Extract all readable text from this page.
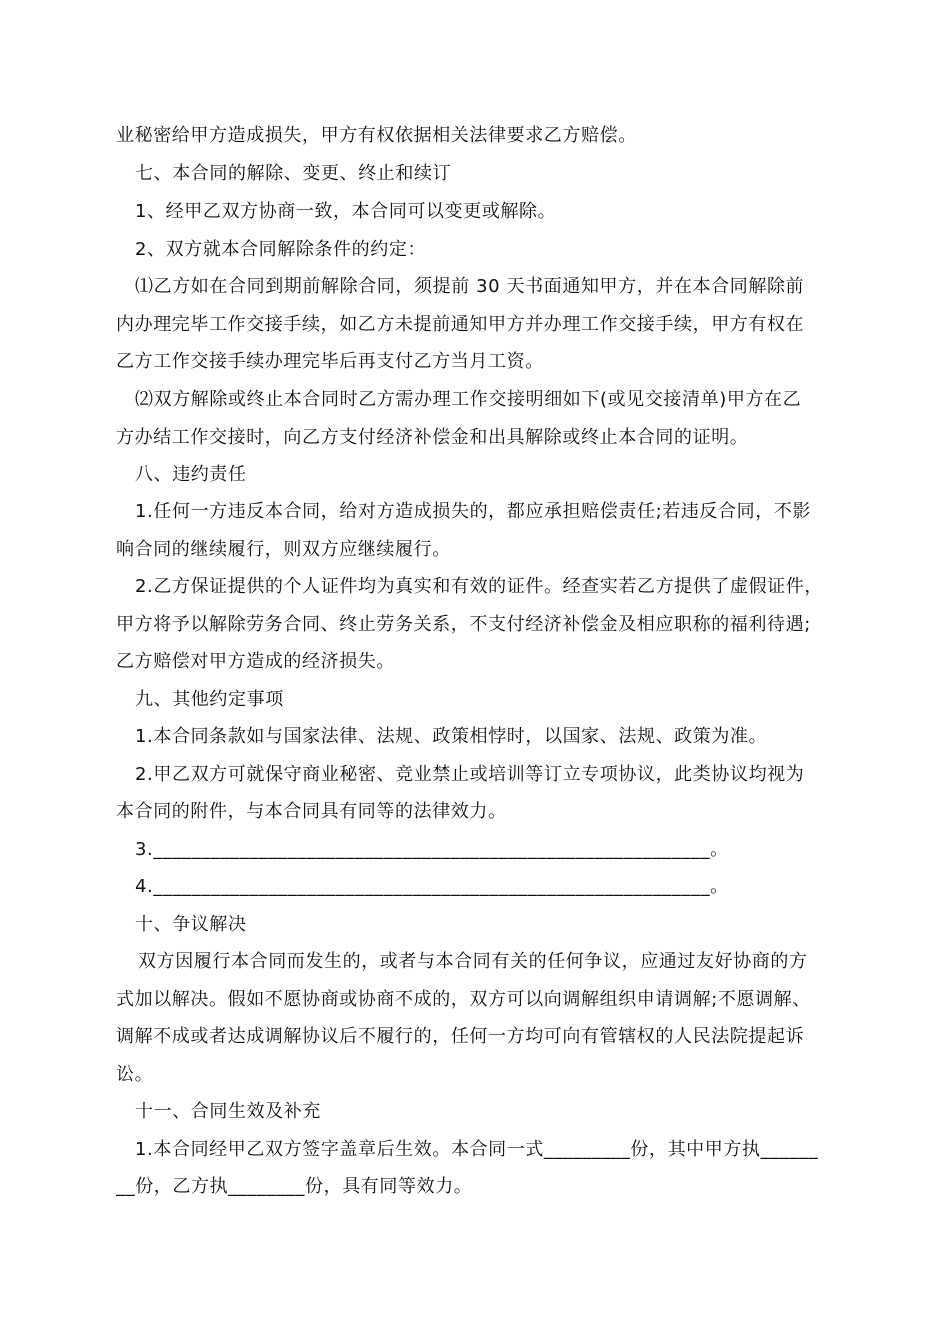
业秘密给甲方造成损失，甲方有权依据相关法律要求乙方赔偿。
七、本合同的解除、变更、终止和续订
1、经甲乙双方协商一致，本合同可以变更或解除。
2、双方就本合同解除条件的约定：
⑴乙方如在合同到期前解除合同，须提前 30 天书面通知甲方，并在本合同解除前
内办理完毕工作交接手续，如乙方未提前通知甲方并办理工作交接手续，甲方有权在
乙方工作交接手续办理完毕后再支付乙方当月工资。
⑵双方解除或终止本合同时乙方需办理工作交接明细如下(或见交接清单)甲方在乙
方办结工作交接时，向乙方支付经济补偿金和出具解除或终止本合同的证明。
八、违约责任
1.任何一方违反本合同，给对方造成损失的，都应承担赔偿责任;若违反合同，不影
响合同的继续履行，则双方应继续履行。
2.乙方保证提供的个人证件均为真实和有效的证件。经查实若乙方提供了虚假证件，
甲方将予以解除劳务合同、终止劳务关系，不支付经济补偿金及相应职称的福利待遇;
乙方赔偿对甲方造成的经济损失。
九、其他约定事项
1.本合同条款如与国家法律、法规、政策相悖时，以国家、法规、政策为准。
2.甲乙双方可就保守商业秘密、竞业禁止或培训等订立专项协议，此类协议均视为
本合同的附件，与本合同具有同等的法律效力。
3.__________________________________________________________。
4.__________________________________________________________。
十、争议解决
双方因履行本合同而发生的，或者与本合同有关的任何争议，应通过友好协商的方
式加以解决。假如不愿协商或协商不成的，双方可以向调解组织申请调解;不愿调解、
调解不成或者达成调解协议后不履行的，任何一方均可向有管辖权的人民法院提起诉
讼。
十一、合同生效及补充
1.本合同经甲乙双方签字盖章后生效。本合同一式_________份，其中甲方执______
__份，乙方执________份，具有同等效力。
